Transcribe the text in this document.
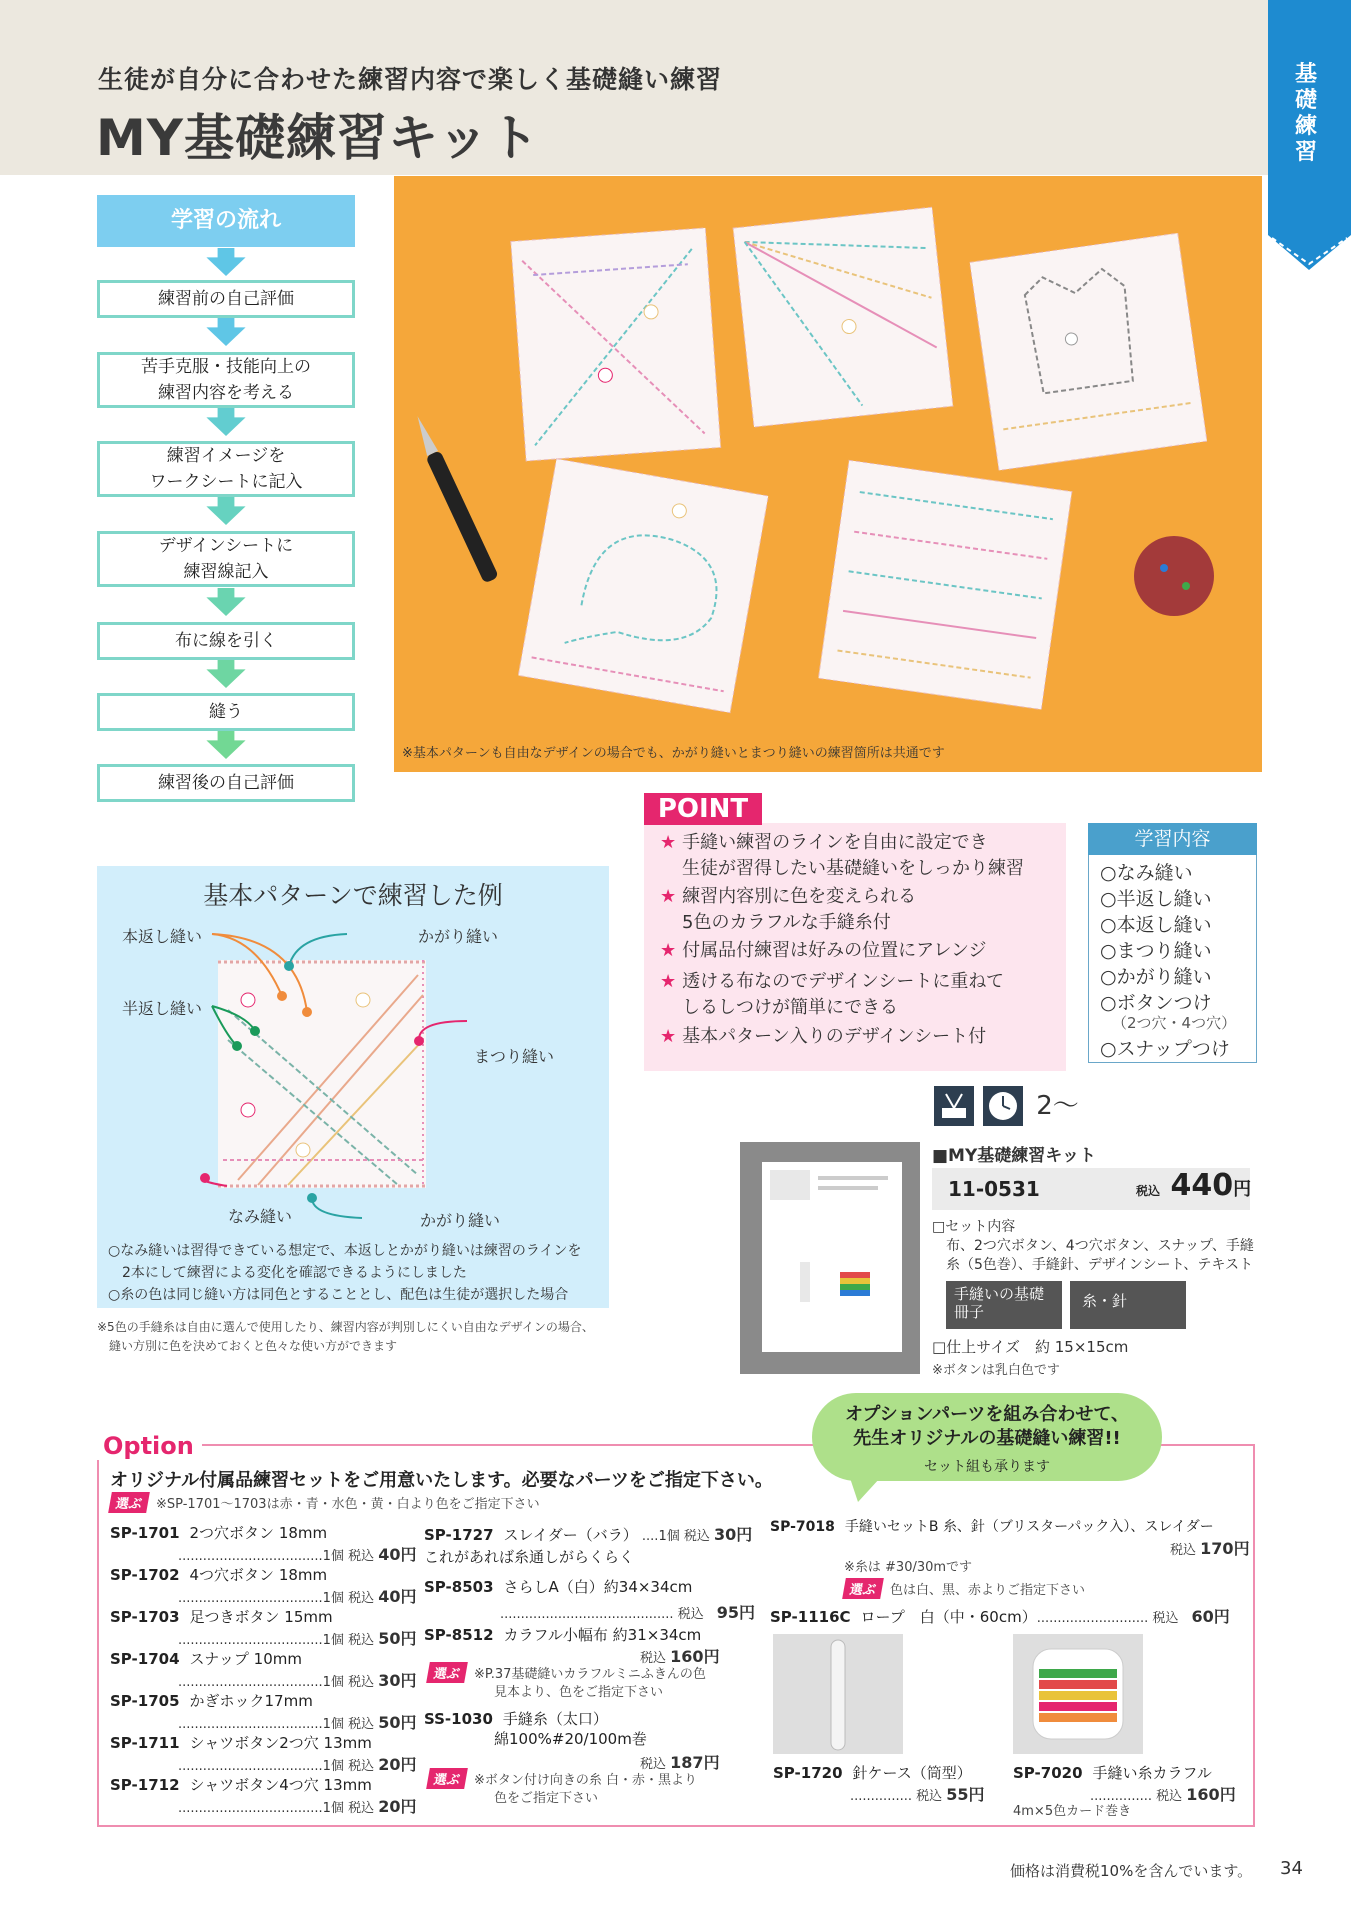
生徒が自分に合わせた練習内容で楽しく基礎縫い練習
MY基礎練習キット
基礎練習
学習の流れ
練習前の自己評価
苦手克服・技能向上の
練習内容を考える
練習イメージを
ワークシートに記入
デザインシートに
練習線記入
布に線を引く
縫う
練習後の自己評価
※基本パターンも自由なデザインの場合でも、かがり縫いとまつり縫いの練習箇所は共通です
POINT
★ 手縫い練習のラインを自由に設定でき
生徒が習得したい基礎縫いをしっかり練習
★ 練習内容別に色を変えられる
5色のカラフルな手縫糸付
★ 付属品付練習は好みの位置にアレンジ
★ 透ける布なのでデザインシートに重ねて
しるしつけが簡単にできる
★ 基本パターン入りのデザインシート付
学習内容
○なみ縫い
○半返し縫い
○本返し縫い
○まつり縫い
○かがり縫い
○ボタンつけ
（2つ穴・4つ穴）
○スナップつけ
基本パターンで練習した例
本返し縫い
半返し縫い
かがり縫い
まつり縫い
なみ縫い	かがり縫い
○なみ縫いは習得できている想定で、本返しとかがり縫いは練習のラインを
　2本にして練習による変化を確認できるようにしました
○糸の色は同じ縫い方は同色とすることとし、配色は生徒が選択した場合
※5色の手縫糸は自由に選んで使用したり、練習内容が判別しにくい自由なデザインの場合、
　縫い方別に色を決めておくと色々な使い方ができます
2～
■MY基礎練習キット
11-0531	税込 440円
□セット内容
布、2つ穴ボタン、4つ穴ボタン、スナップ、手縫
糸（5色巻）、手縫針、デザインシート、テキスト
手縫いの基礎
冊子
糸・針
□仕上サイズ　約 15×15cm
※ボタンは乳白色です
Option
オプションパーツを組み合わせて、
先生オリジナルの基礎縫い練習!!
セット組も承ります
オリジナル付属品練習セットをご用意いたします。必要なパーツをご指定下さい。
選ぶ ※SP-1701～1703は赤・青・水色・黄・白より色をご指定下さい
SP-1701 2つ穴ボタン 18mm
...................................1個 税込 40円
SP-1702 4つ穴ボタン 18mm
...................................1個 税込 40円
SP-1703 足つきボタン 15mm
...................................1個 税込 50円
SP-1704 スナップ 10mm
...................................1個 税込 30円
SP-1705 かぎホック17mm
...................................1個 税込 50円
SP-1711 シャツボタン2つ穴 13mm
...................................1個 税込 20円
SP-1712 シャツボタン4つ穴 13mm
...................................1個 税込 20円
SP-1727 スレイダー（バラ） ....1個 税込 30円
これがあれば糸通しがらくらく
SP-8503 さらしA（白）約34×34cm
.......................................... 税込　 95円
SP-8512 カラフル小幅布 約31×34cm
税込 160円
選ぶ ※P.37基礎縫いカラフルミニふきんの色
見本より、色をご指定下さい
SS-1030 手縫糸（太口）
綿100%#20/100m巻
税込 187円
選ぶ ※ボタン付け向きの糸 白・赤・黒より
色をご指定下さい
SP-7018 手縫いセットB 糸、針（ブリスターパック入）、スレイダー
税込 170円
※糸は #30/30mです
選ぶ 色は白、黒、赤よりご指定下さい
SP-1116C ロープ　白（中・60cm）........................... 税込　 60円
SP-1720 針ケース（筒型）
............... 税込 55円
SP-7020 手縫い糸カラフル
............... 税込 160円
4m×5色カード巻き
価格は消費税10%を含んでいます。 34
